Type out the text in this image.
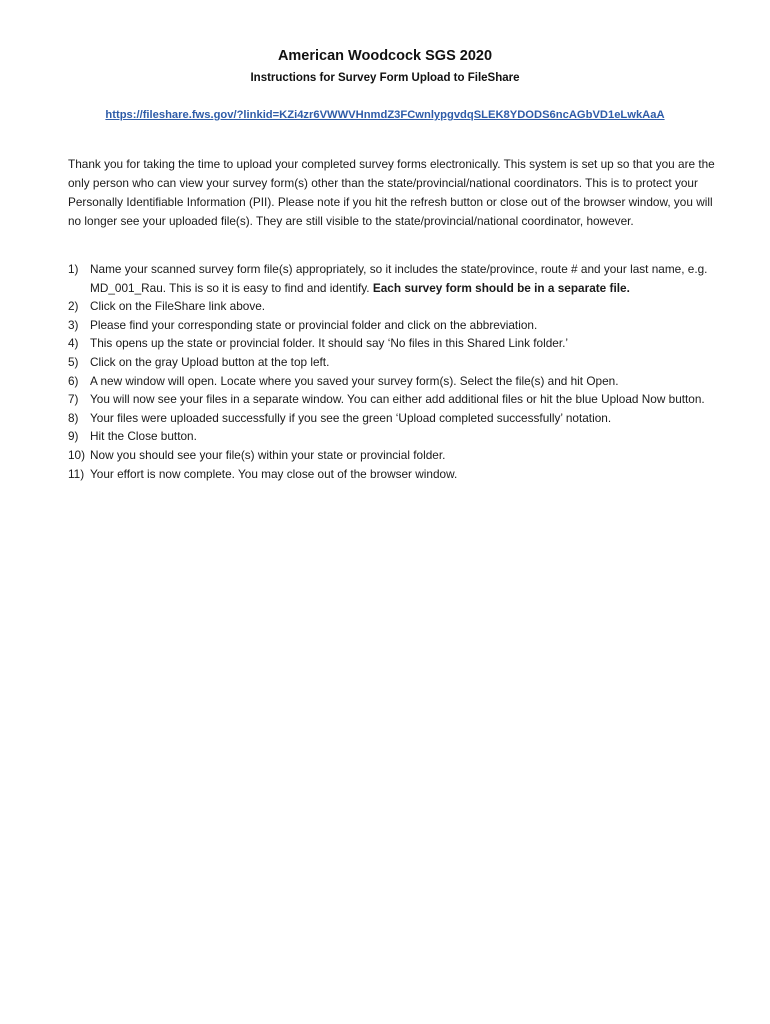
American Woodcock SGS 2020
Instructions for Survey Form Upload to FileShare
https://fileshare.fws.gov/?linkid=KZi4zr6VWWVHnmdZ3FCwnlypgvdqSLEK8YDODS6ncAGbVD1eLwkAaA

Thank you for taking the time to upload your completed survey forms electronically. This system is set up so that you are the only person who can view your survey form(s) other than the state/provincial/national coordinators. This is to protect your Personally Identifiable Information (PII). Please note if you hit the refresh button or close out of the browser window, you will no longer see your uploaded file(s). They are still visible to the state/provincial/national coordinator, however.

1) Name your scanned survey form file(s) appropriately, so it includes the state/province, route # and your last name, e.g. MD_001_Rau. This is so it is easy to find and identify. Each survey form should be in a separate file.
2) Click on the FileShare link above.
3) Please find your corresponding state or provincial folder and click on the abbreviation.
4) This opens up the state or provincial folder. It should say ‘No files in this Shared Link folder.’
5) Click on the gray Upload button at the top left.
6) A new window will open. Locate where you saved your survey form(s). Select the file(s) and hit Open.
7) You will now see your files in a separate window. You can either add additional files or hit the blue Upload Now button.
8) Your files were uploaded successfully if you see the green ‘Upload completed successfully’ notation.
9) Hit the Close button.
10) Now you should see your file(s) within your state or provincial folder.
11) Your effort is now complete. You may close out of the browser window.
